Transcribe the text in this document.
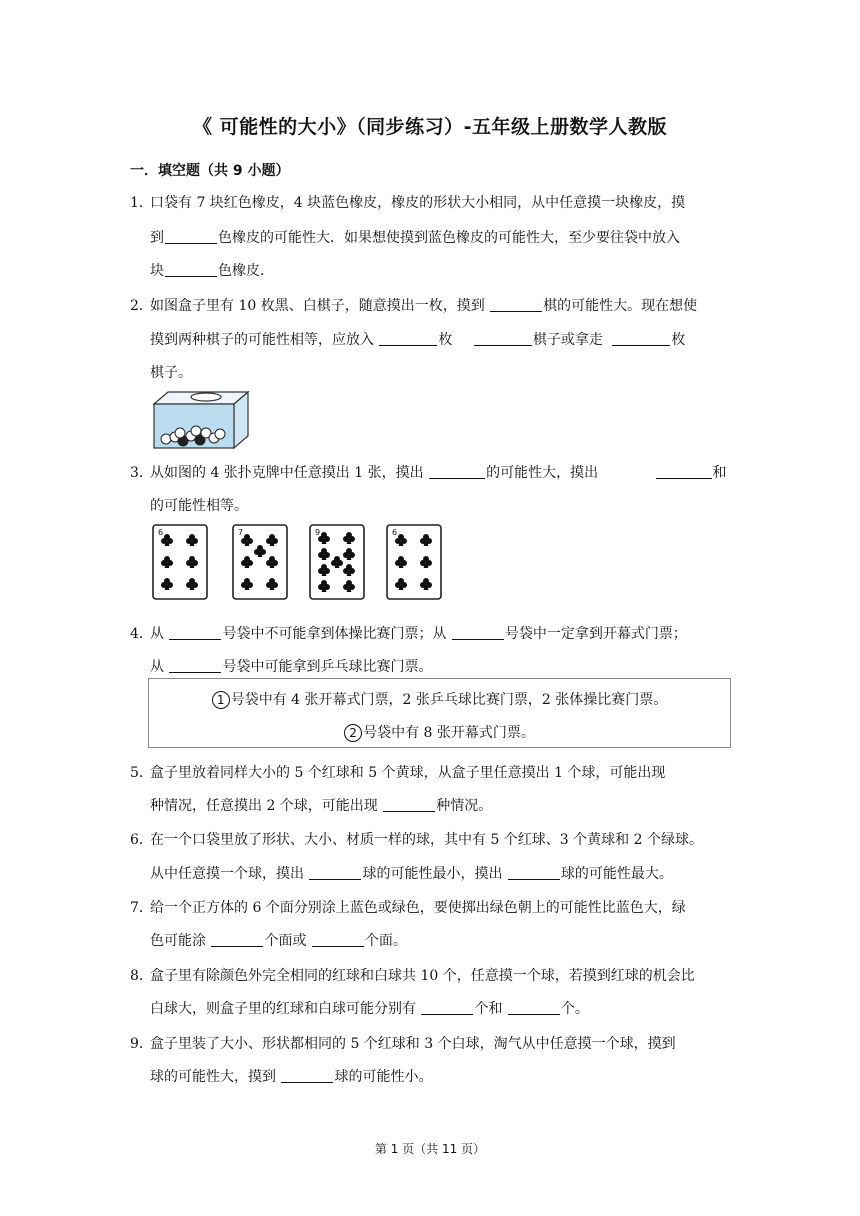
《 可能性的大小》（同步练习）-五年级上册数学人教版
一．填空题（共 9 小题）
1．
口袋有 7 块红色橡皮，4 块蓝色橡皮，橡皮的形状大小相同，从中任意摸一块橡皮，摸
到	色橡皮的可能性大．如果想使摸到蓝色橡皮的可能性大，至少要往袋中放入
块	色橡皮．
2．
如图盒子里有 10 枚黑、白棋子，随意摸出一枚，摸到	棋的可能性大。现在想使
摸到两种棋子的可能性相等，应放入	枚	棋子或拿走	枚
棋子。
3．
从如图的 4 张扑克牌中任意摸出 1 张，摸出	的可能性大，摸出	和
的可能性相等。
6	7	9	6
4．
从	号袋中不可能拿到体操比赛门票；从	号袋中一定拿到开幕式门票；
从	号袋中可能拿到乒乓球比赛门票。
1 号袋中有 4 张开幕式门票，2 张乒乓球比赛门票，2 张体操比赛门票。
2 号袋中有 8 张开幕式门票。
5．
盒子里放着同样大小的 5 个红球和 5 个黄球，从盒子里任意摸出 1 个球，可能出现
种情况，任意摸出 2 个球，可能出现	种情况。
6．
在一个口袋里放了形状、大小、材质一样的球，其中有 5 个红球、3 个黄球和 2 个绿球。
从中任意摸一个球，摸出	球的可能性最小，摸出	球的可能性最大。
7．
给一个正方体的 6 个面分别涂上蓝色或绿色，要使掷出绿色朝上的可能性比蓝色大，绿
色可能涂	个面或	个面。
8．
盒子里有除颜色外完全相同的红球和白球共 10 个，任意摸一个球，若摸到红球的机会比
白球大，则盒子里的红球和白球可能分别有	个和	个。
9．
盒子里装了大小、形状都相同的 5 个红球和 3 个白球，淘气从中任意摸一个球，摸到
球的可能性大，摸到	球的可能性小。
第 1 页（共 11 页）
